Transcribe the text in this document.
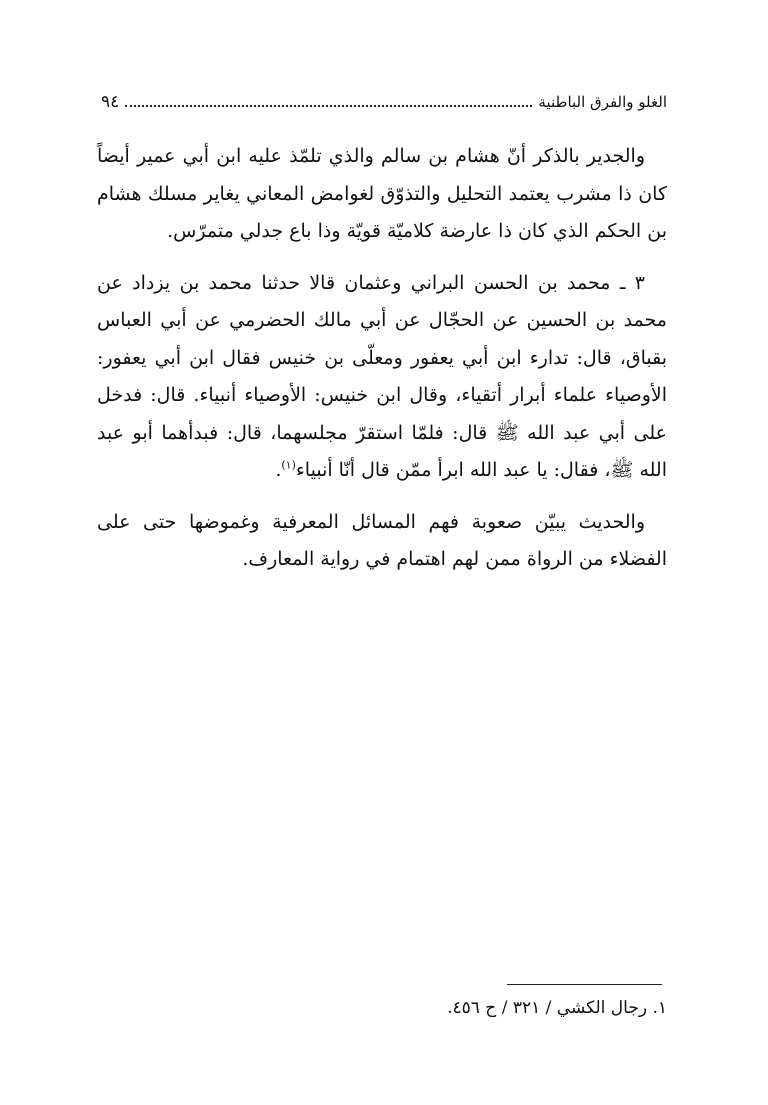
٩٤	الغلو والفرق الباطنية

والجدير بالذكر أنّ هشام بن سالم والذي تلمّذ عليه ابن أبي عمير أيضاً كان ذا مشرب يعتمد التحليل والتذوّق لغوامض المعاني يغاير مسلك هشام بن الحكم الذي كان ذا عارضة كلاميّة قويّة وذا باع جدلي متمرّس.

٣ ـ محمد بن الحسن البراني وعثمان قالا حدثنا محمد بن يزداد عن محمد بن الحسين عن الحجّال عن أبي مالك الحضرمي عن أبي العباس بقباق، قال: تدارء ابن أبي يعفور ومعلّى بن خنيس فقال ابن أبي يعفور: الأوصياء علماء أبرار أتقياء، وقال ابن خنيس: الأوصياء أنبياء. قال: فدخل على أبي عبد الله ﷺ قال: فلمّا استقرّ مجلسهما، قال: فبدأهما أبو عبد الله ﷺ، فقال: يا عبد الله ابرأ ممّن قال أنّا أنبياء$^{(١)}$.

والحديث يبيّن صعوبة فهم المسائل المعرفية وغموضها حتى على الفضلاء من الرواة ممن لهم اهتمام في رواية المعارف.

١. رجال الكشي / ٣٢١ / ح ٤٥٦.
